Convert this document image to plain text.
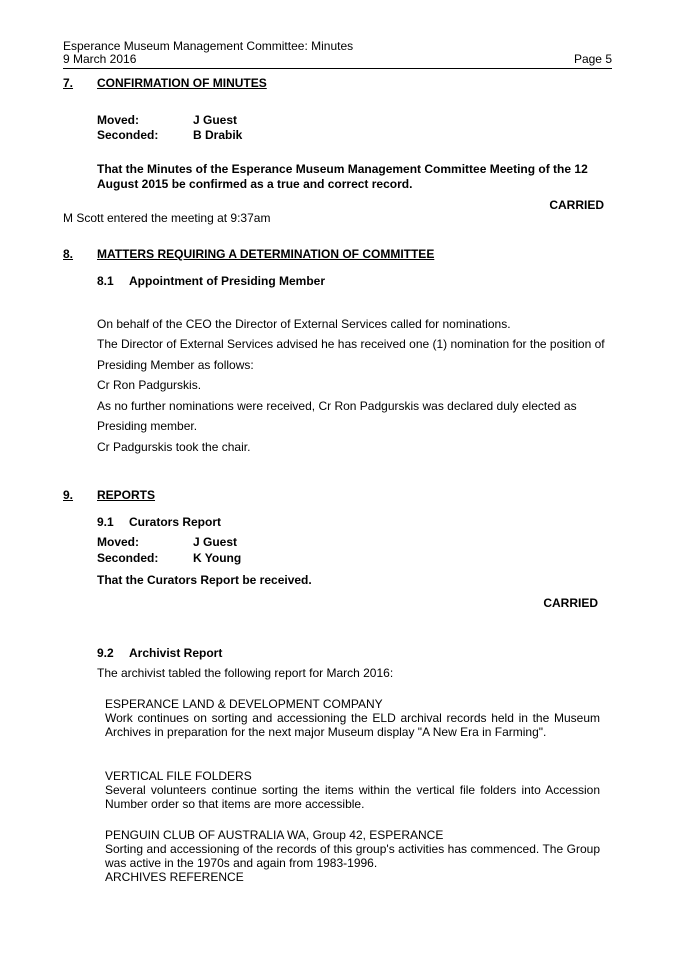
Esperance Museum Management Committee: Minutes
9 March 2016	Page 5
7. CONFIRMATION OF MINUTES
Moved:	J Guest
Seconded:	B Drabik
That the Minutes of the Esperance Museum Management Committee Meeting of the 12
August 2015 be confirmed as a true and correct record.
CARRIED
M Scott entered the meeting at 9:37am
8. MATTERS REQUIRING A DETERMINATION OF COMMITTEE
8.1 Appointment of Presiding Member
On behalf of the CEO the Director of External Services called for nominations.
The Director of External Services advised he has received one (1) nomination for the position of
Presiding Member as follows:
Cr Ron Padgurskis.
As no further nominations were received, Cr Ron Padgurskis was declared duly elected as
Presiding member.
Cr Padgurskis took the chair.
9. REPORTS
9.1 Curators Report
Moved:	J Guest
Seconded:	K Young
That the Curators Report be received.
CARRIED
9.2 Archivist Report
The archivist tabled the following report for March 2016:
ESPERANCE LAND & DEVELOPMENT COMPANY
Work continues on sorting and accessioning the ELD archival records held in the Museum Archives in preparation for the next major Museum display "A New Era in Farming".
VERTICAL FILE FOLDERS
Several volunteers continue sorting the items within the vertical file folders into Accession Number order so that items are more accessible.
PENGUIN CLUB OF AUSTRALIA WA, Group 42, ESPERANCE
Sorting and accessioning of the records of this group's activities has commenced. The Group was active in the 1970s and again from 1983-1996.
ARCHIVES REFERENCE
